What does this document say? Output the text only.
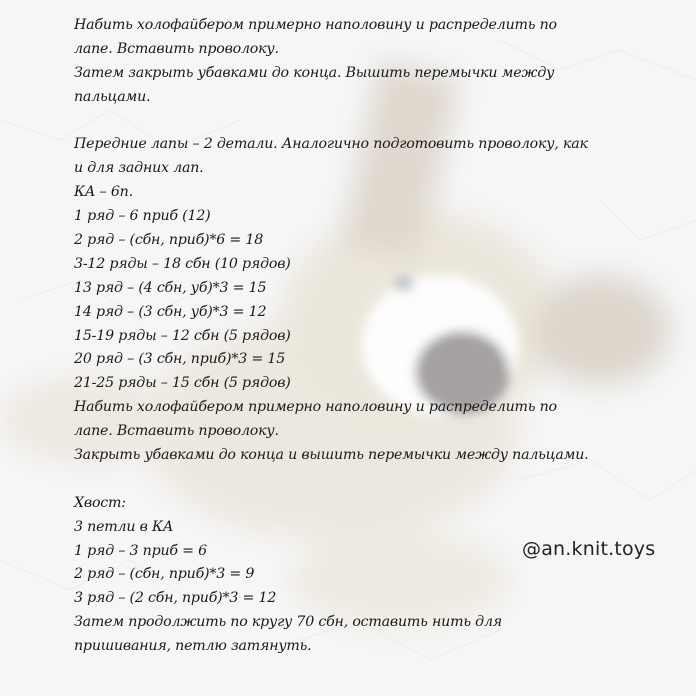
Набить холофайбером примерно наполовину и распределить по
лапе. Вставить проволоку.
Затем закрыть убавками до конца. Вышить перемычки между
пальцами.
Передние лапы – 2 детали. Аналогично подготовить проволоку, как
и для задних лап.
КА – 6п.
1 ряд – 6 приб (12)
2 ряд – (сбн, приб)*6 = 18
3-12 ряды – 18 сбн (10 рядов)
13 ряд – (4 сбн, уб)*3 = 15
14 ряд – (3 сбн, уб)*3 = 12
15-19 ряды – 12 сбн (5 рядов)
20 ряд – (3 сбн, приб)*3 = 15
21-25 ряды – 15 сбн (5 рядов)
Набить холофайбером примерно наполовину и распределить по
лапе. Вставить проволоку.
Закрыть убавками до конца и вышить перемычки между пальцами.
Хвост:
3 петли в КА
1 ряд – 3 приб = 6
2 ряд – (сбн, приб)*3 = 9
3 ряд – (2 сбн, приб)*3 = 12
Затем продолжить по кругу 70 сбн, оставить нить для
пришивания, петлю затянуть.
@an.knit.toys
